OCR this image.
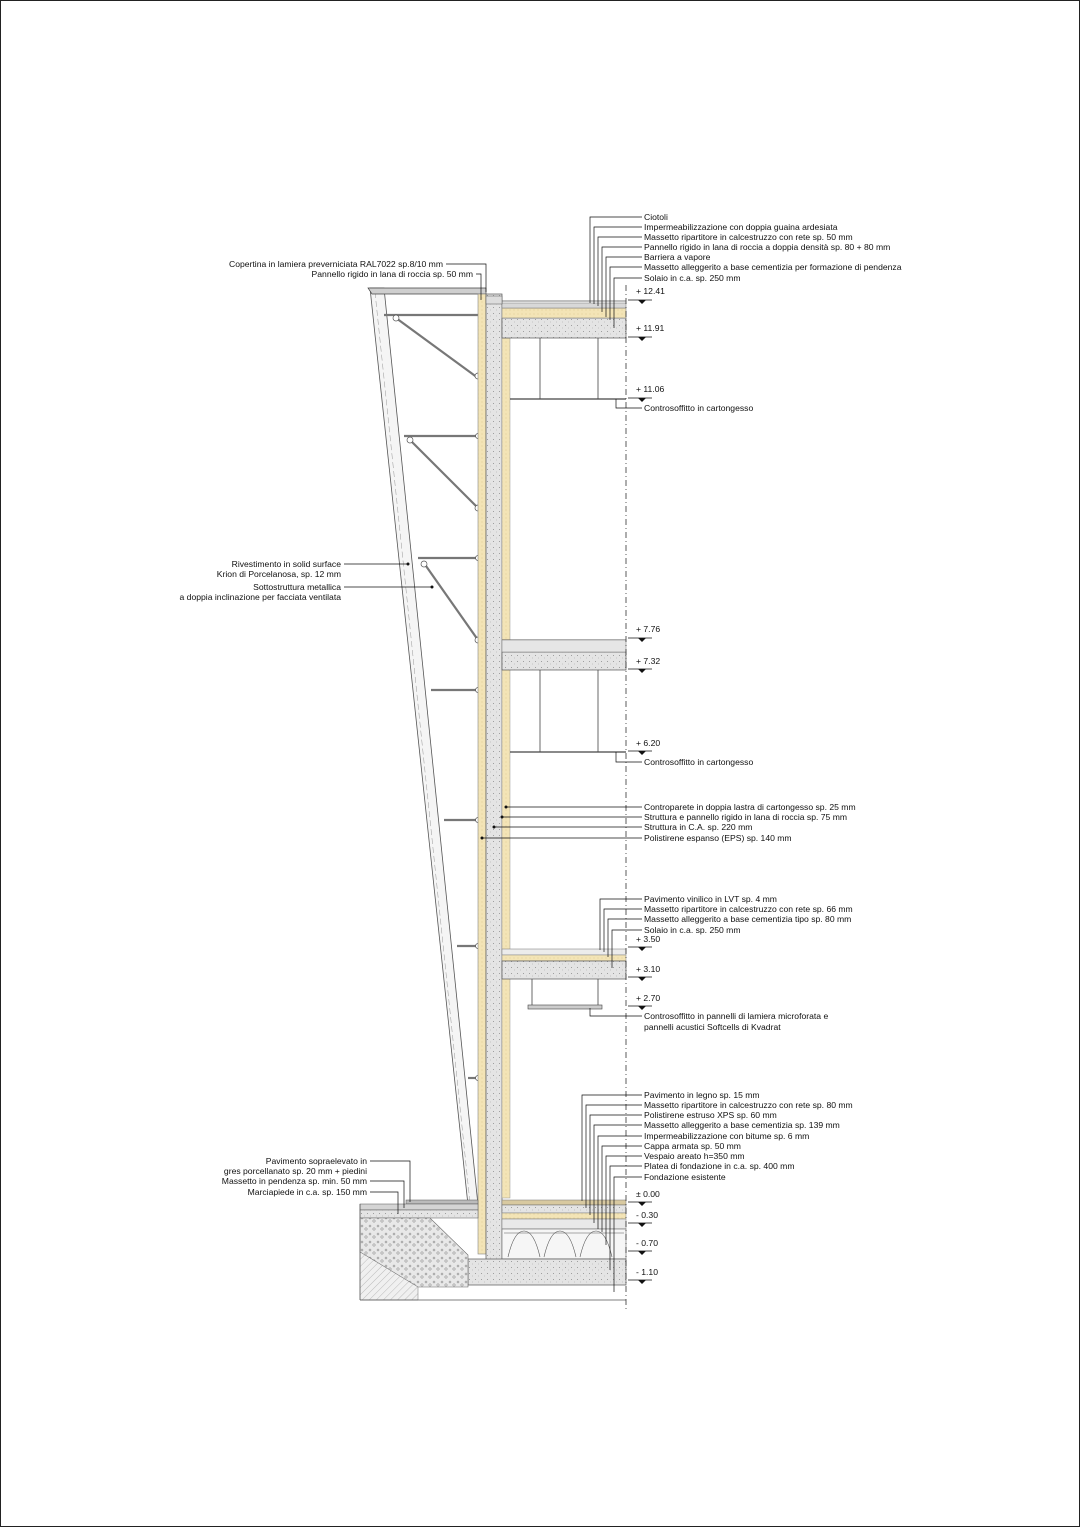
+ 12.41
+ 11.91
+ 11.06
+ 7.76
+ 7.32
+ 6.20
+ 3.50
+ 3.10
+ 2.70
± 0.00
- 0.30
- 0.70
- 1.10
Ciotoli
Impermeabilizzazione con doppia guaina ardesiata
Massetto ripartitore in calcestruzzo con rete sp. 50 mm
Pannello rigido in lana di roccia a doppia densità sp. 80 + 80 mm
Barriera a vapore
Massetto alleggerito a base cementizia per formazione di pendenza
Solaio in c.a. sp. 250 mm
Copertina in lamiera preverniciata RAL7022 sp.8/10 mm
Pannello rigido in lana di roccia sp. 50 mm
Controsoffitto in cartongesso
Controsoffitto in cartongesso
Rivestimento in solid surface
Krion di Porcelanosa, sp. 12 mm
Sottostruttura metallica
a doppia inclinazione per facciata ventilata
Controparete in doppia lastra di cartongesso sp. 25 mm
Struttura e pannello rigido in lana di roccia sp. 75 mm
Struttura in C.A. sp. 220 mm
Polistirene espanso (EPS) sp. 140 mm
Pavimento vinilico in LVT sp. 4 mm
Massetto ripartitore in calcestruzzo con rete sp. 66 mm
Massetto alleggerito a base cementizia tipo sp. 80 mm
Solaio in c.a. sp. 250 mm
Controsoffitto in pannelli di lamiera microforata e
pannelli acustici Softcells di Kvadrat
Pavimento in legno sp. 15 mm
Massetto ripartitore in calcestruzzo con rete sp. 80 mm
Polistirene estruso XPS sp. 60 mm
Massetto alleggerito a base cementizia sp. 139 mm
Impermeabilizzazione con bitume sp. 6 mm
Cappa armata sp. 50 mm
Vespaio areato h=350 mm
Platea di fondazione in c.a. sp. 400 mm
Fondazione esistente
Pavimento sopraelevato in
gres porcellanato sp. 20 mm + piedini
Massetto in pendenza sp. min. 50 mm
Marciapiede in c.a. sp. 150 mm
